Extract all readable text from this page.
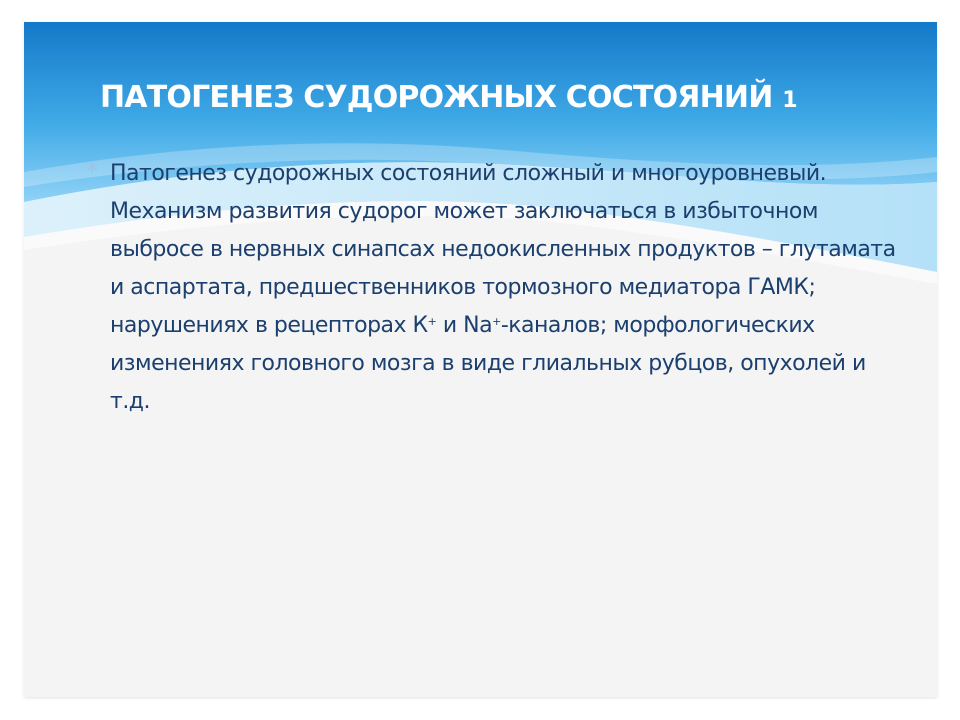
ПАТОГЕНЕЗ СУДОРОЖНЫХ СОСТОЯНИЙ 1

Патогенез судорожных состояний сложный и многоуровневый. Механизм развития судорог может заключаться в избыточном выбросе в нервных синапсах недоокисленных продуктов – глутамата и аспартата, предшественников тормозного медиатора ГАМК; нарушениях в рецепторах К+ и Na+-каналов; морфологических изменениях головного мозга в виде глиальных рубцов, опухолей и т.д.
